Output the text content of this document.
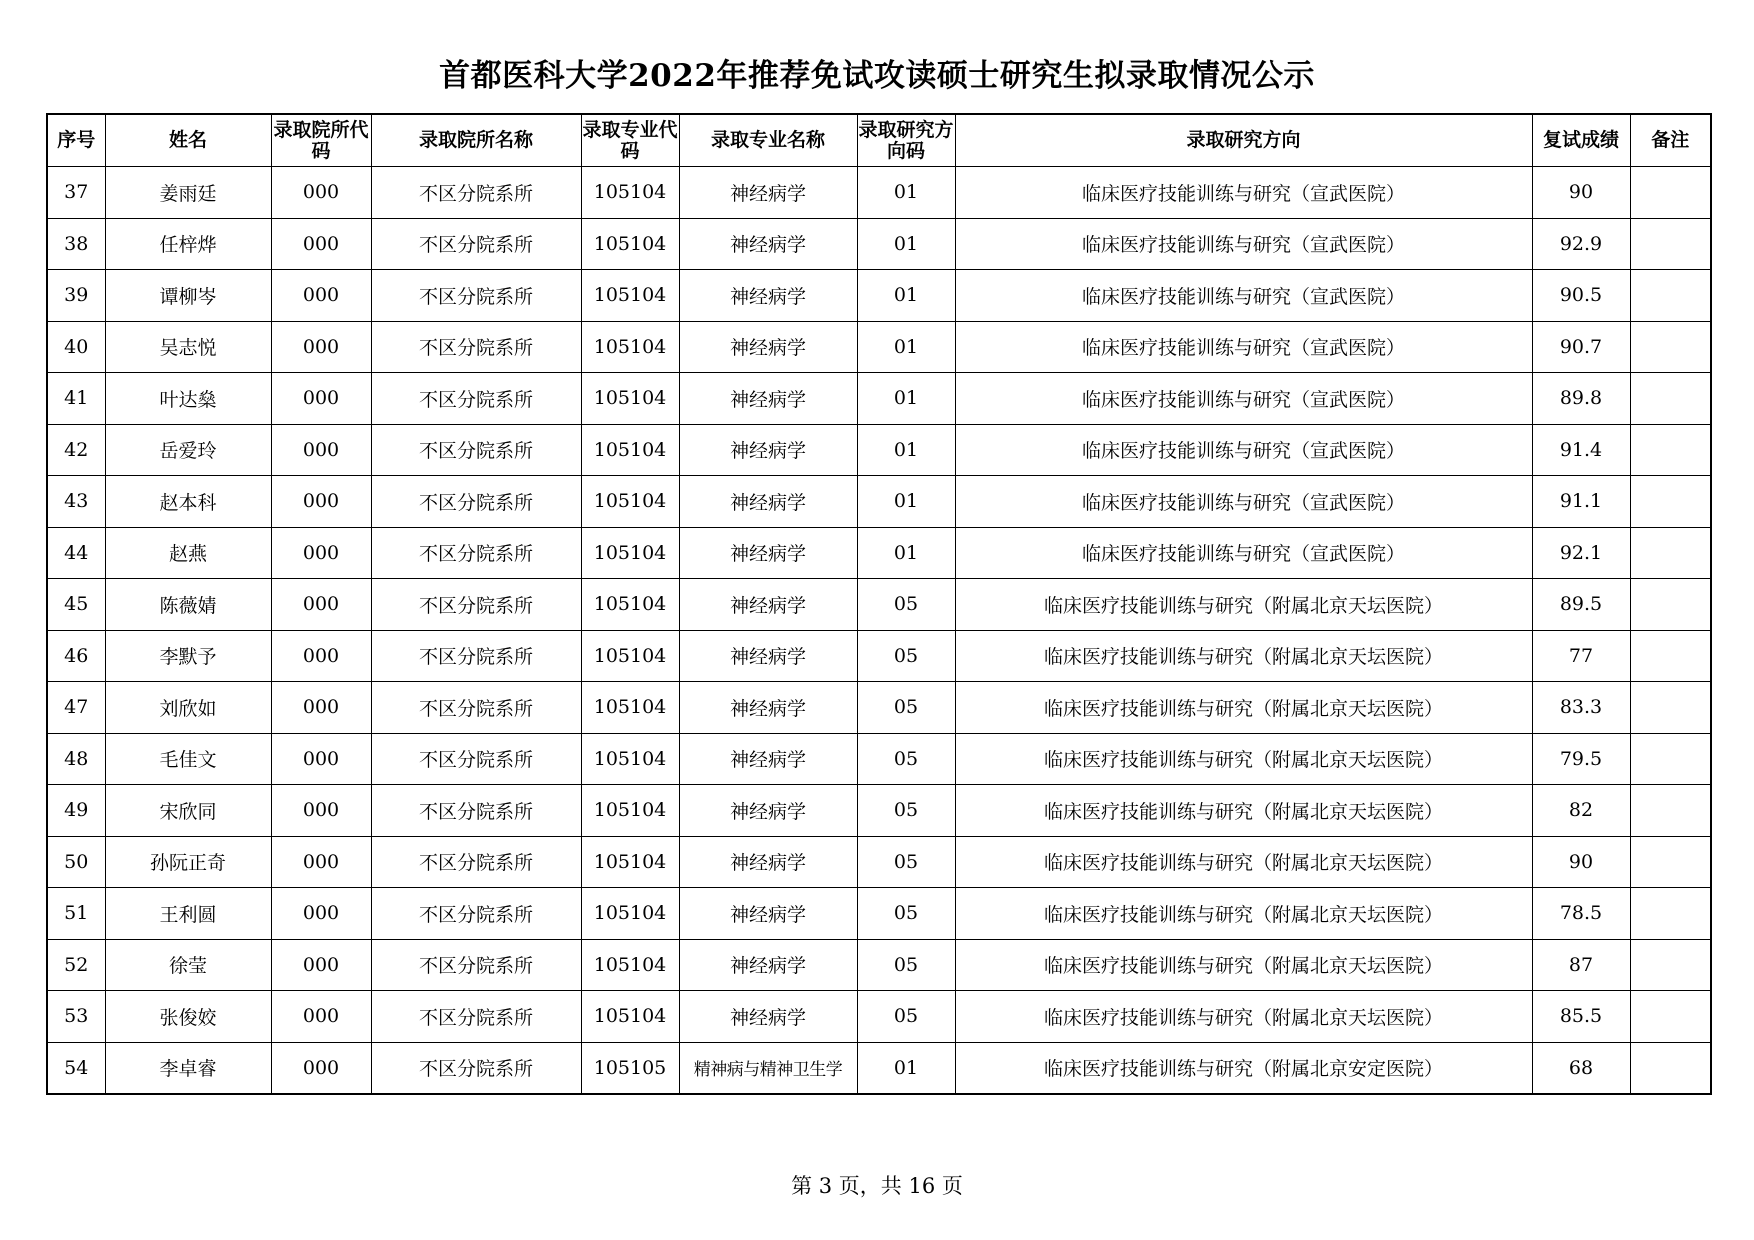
首都医科大学2022年推荐免试攻读硕士研究生拟录取情况公示
序号	姓名	录取院所代码	录取院所名称	录取专业代码	录取专业名称	录取研究方向码	录取研究方向	复试成绩	备注
37	姜雨廷	000	不区分院系所	105104	神经病学	01	临床医疗技能训练与研究（宣武医院）	90	
38	任梓烨	000	不区分院系所	105104	神经病学	01	临床医疗技能训练与研究（宣武医院）	92.9	
39	谭柳岑	000	不区分院系所	105104	神经病学	01	临床医疗技能训练与研究（宣武医院）	90.5	
40	吴志悦	000	不区分院系所	105104	神经病学	01	临床医疗技能训练与研究（宣武医院）	90.7	
41	叶达燊	000	不区分院系所	105104	神经病学	01	临床医疗技能训练与研究（宣武医院）	89.8	
42	岳爱玲	000	不区分院系所	105104	神经病学	01	临床医疗技能训练与研究（宣武医院）	91.4	
43	赵本科	000	不区分院系所	105104	神经病学	01	临床医疗技能训练与研究（宣武医院）	91.1	
44	赵燕	000	不区分院系所	105104	神经病学	01	临床医疗技能训练与研究（宣武医院）	92.1	
45	陈薇婧	000	不区分院系所	105104	神经病学	05	临床医疗技能训练与研究（附属北京天坛医院）	89.5	
46	李默予	000	不区分院系所	105104	神经病学	05	临床医疗技能训练与研究（附属北京天坛医院）	77	
47	刘欣如	000	不区分院系所	105104	神经病学	05	临床医疗技能训练与研究（附属北京天坛医院）	83.3	
48	毛佳文	000	不区分院系所	105104	神经病学	05	临床医疗技能训练与研究（附属北京天坛医院）	79.5	
49	宋欣同	000	不区分院系所	105104	神经病学	05	临床医疗技能训练与研究（附属北京天坛医院）	82	
50	孙阮正奇	000	不区分院系所	105104	神经病学	05	临床医疗技能训练与研究（附属北京天坛医院）	90	
51	王利圆	000	不区分院系所	105104	神经病学	05	临床医疗技能训练与研究（附属北京天坛医院）	78.5	
52	徐莹	000	不区分院系所	105104	神经病学	05	临床医疗技能训练与研究（附属北京天坛医院）	87	
53	张俊姣	000	不区分院系所	105104	神经病学	05	临床医疗技能训练与研究（附属北京天坛医院）	85.5	
54	李卓睿	000	不区分院系所	105105	精神病与精神卫生学	01	临床医疗技能训练与研究（附属北京安定医院）	68	
第 3 页，共 16 页
